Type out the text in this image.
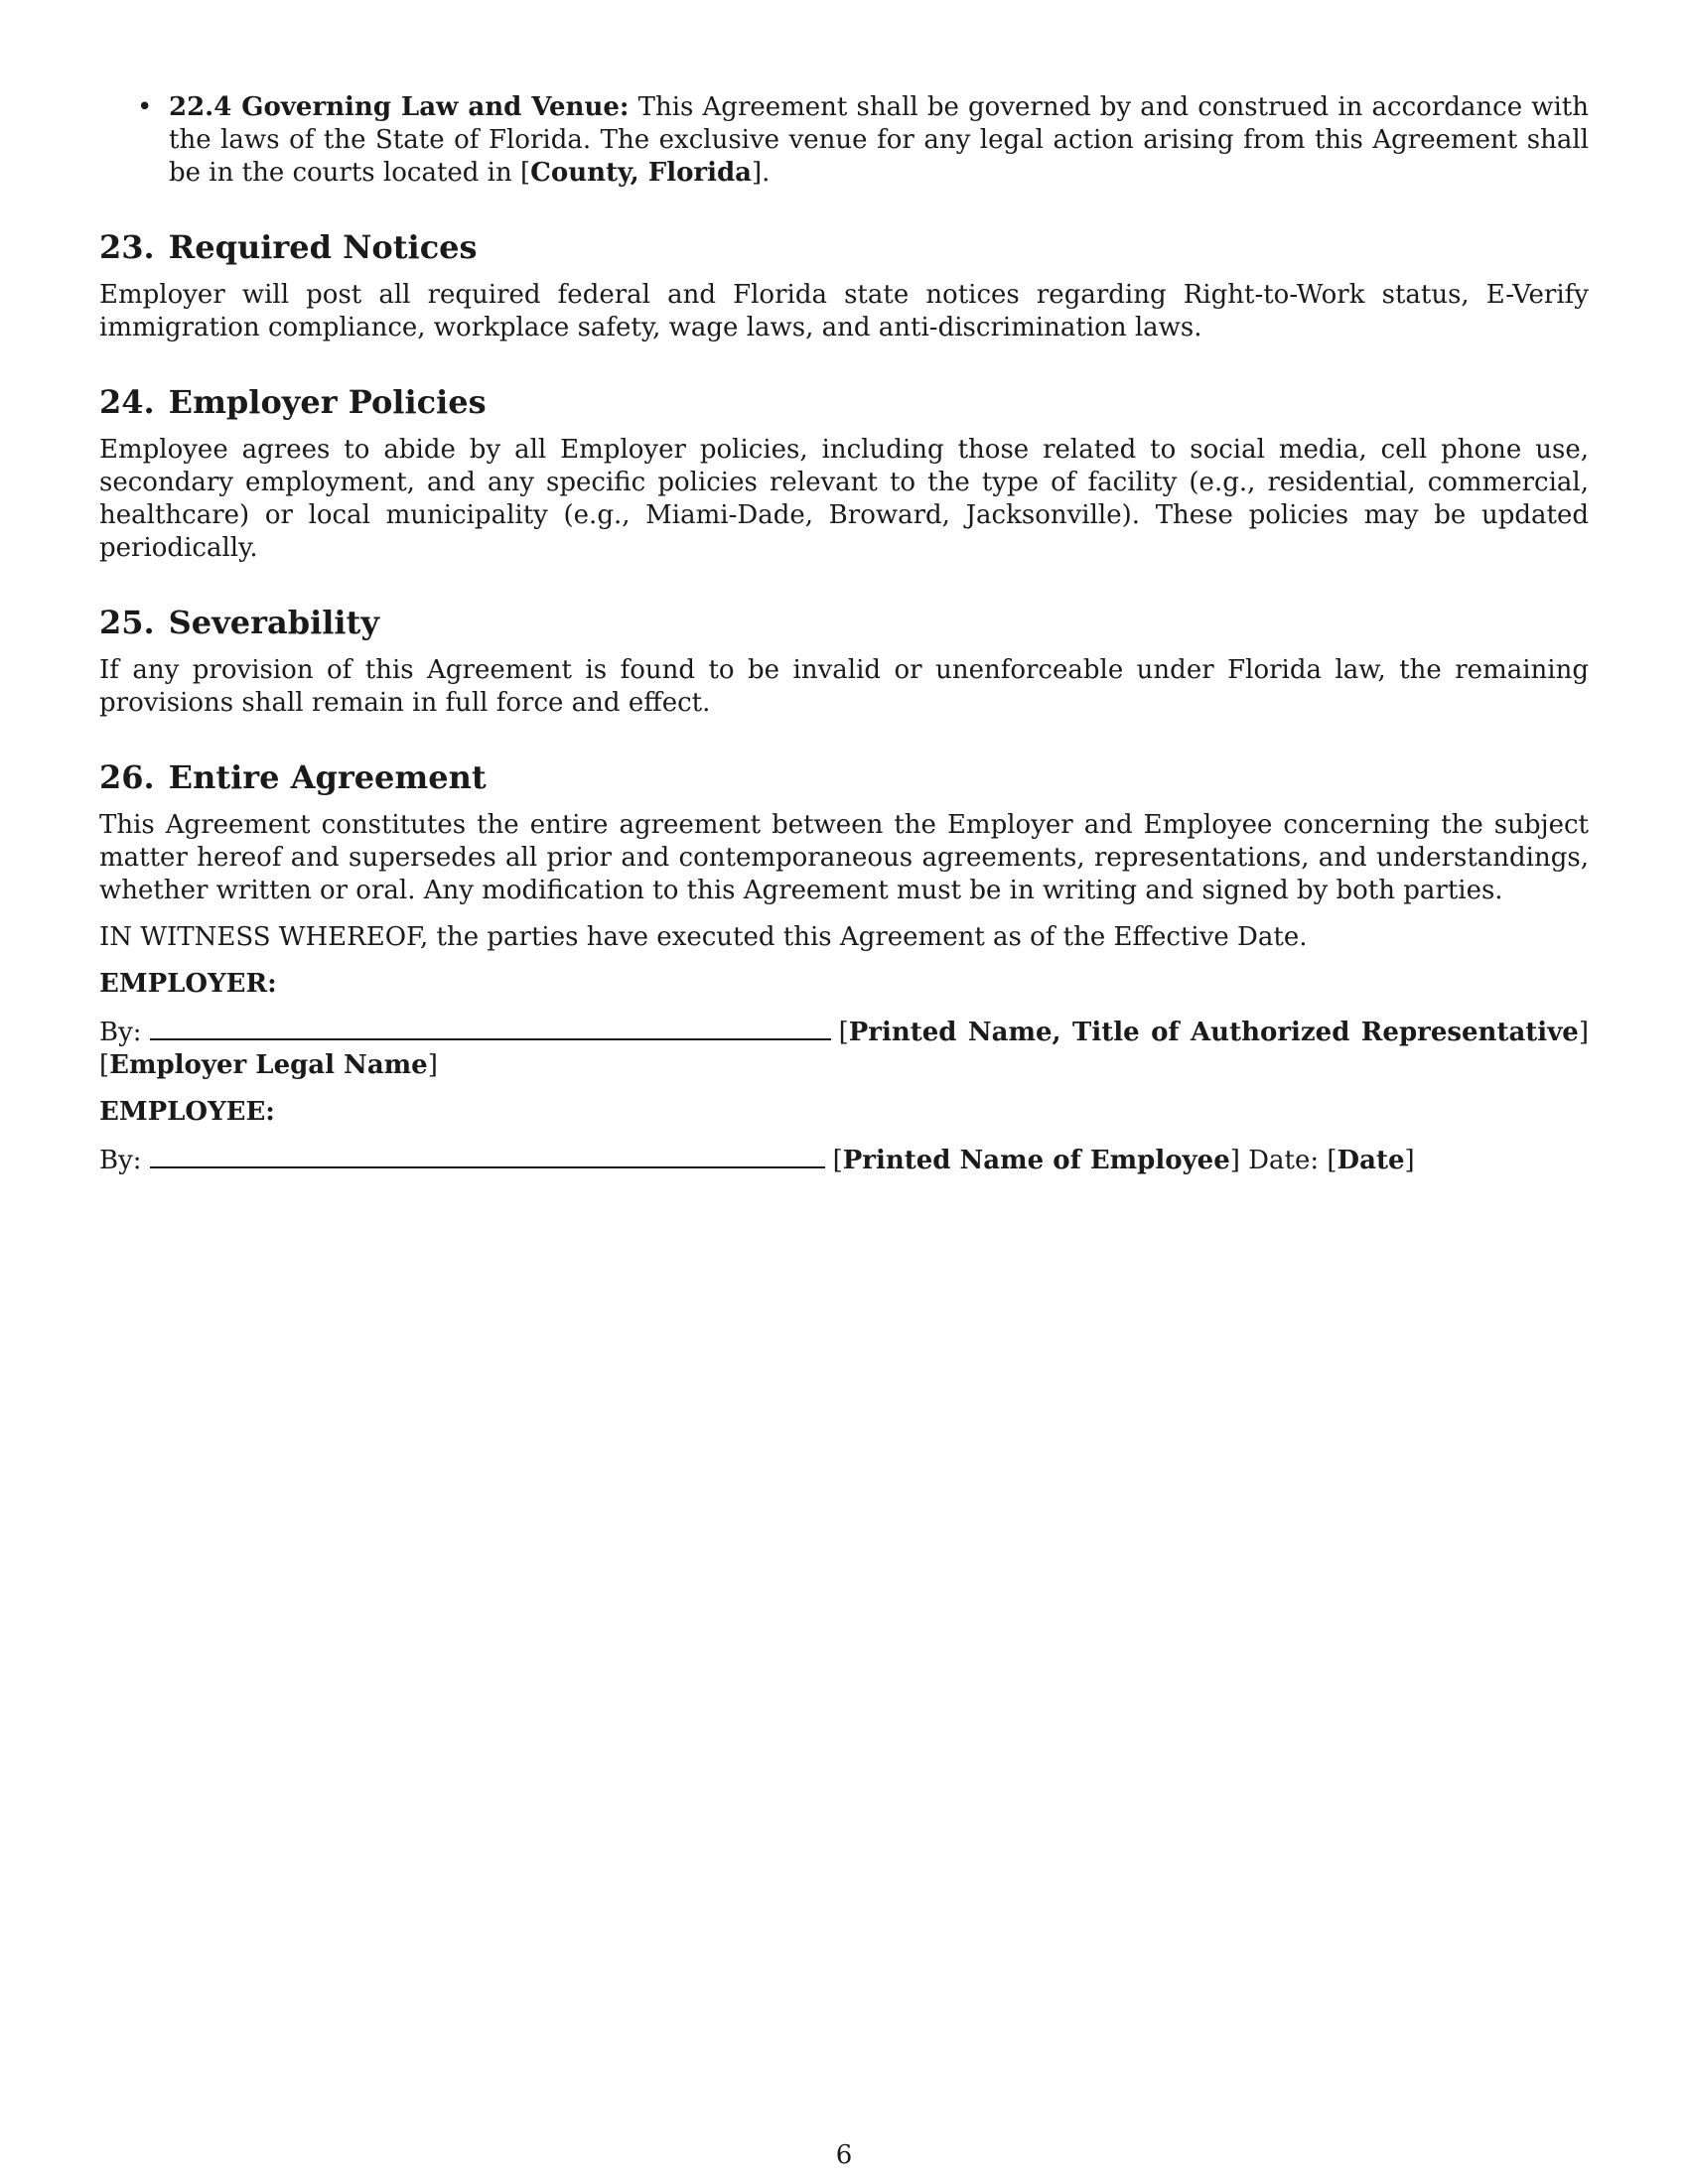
• 22.4 Governing Law and Venue: This Agreement shall be governed by and construed in accordance with the laws of the State of Florida. The exclusive venue for any legal action arising from this Agreement shall be in the courts located in [County, Florida].
23. Required Notices

Employer will post all required federal and Florida state notices regarding Right-to-Work status, E-Verify immigration compliance, workplace safety, wage laws, and anti-discrimination laws.

24. Employer Policies

Employee agrees to abide by all Employer policies, including those related to social media, cell phone use, secondary employment, and any specific policies relevant to the type of facility (e.g., residential, commercial, healthcare) or local municipality (e.g., Miami-Dade, Broward, Jacksonville). These policies may be updated periodically.

25. Severability

If any provision of this Agreement is found to be invalid or unenforceable under Florida law, the remaining provisions shall remain in full force and effect.

26. Entire Agreement

This Agreement constitutes the entire agreement between the Employer and Employee concerning the subject matter hereof and supersedes all prior and contemporaneous agreements, representations, and understandings, whether written or oral. Any modification to this Agreement must be in writing and signed by both parties.

IN WITNESS WHEREOF, the parties have executed this Agreement as of the Effective Date.

EMPLOYER:
By:	[Printed Name, Title of Authorized Representative]
[Employer Legal Name]
EMPLOYEE:
By:	[Printed Name of Employee] Date: [Date]
6
